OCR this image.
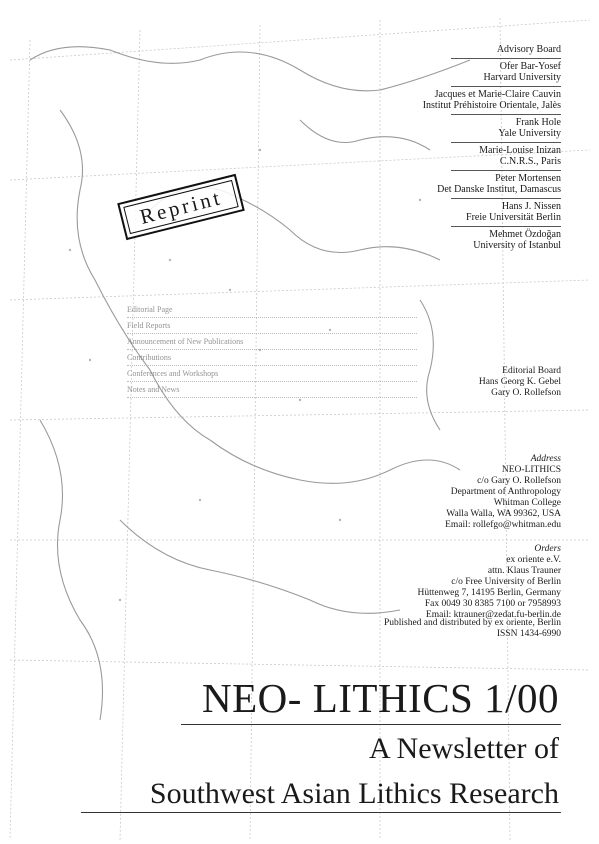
Advisory Board
Ofer Bar-Yosef
Harvard University
Jacques et Marie-Claire Cauvin
Institut Préhistoire Orientale, Jalès
Frank Hole
Yale University
Marie-Louise Inizan
C.N.R.S., Paris
Peter Mortensen
Det Danske Institut, Damascus
Hans J. Nissen
Freie Universität Berlin
Mehmet Özdoğan
University of Istanbul
Reprint
Editorial Page
Field Reports
Announcement of New Publications
Contributions
Conferences and Workshops
Notes and News
Editorial Board
Hans Georg K. Gebel
Gary O. Rollefson
Address
NEO-LITHICS
c/o Gary O. Rollefson
Department of Anthropology
Whitman College
Walla Walla, WA 99362, USA
Email: rollefgo@whitman.edu
Orders
ex oriente e.V.
attn. Klaus Trauner
c/o Free University of Berlin
Hüttenweg 7, 14195 Berlin, Germany
Fax 0049 30 8385 7100 or 7958993
Email: ktrauner@zedat.fu-berlin.de
Published and distributed by ex oriente, Berlin
ISSN 1434-6990
NEO- LITHICS 1/00
A Newsletter of
Southwest Asian Lithics Research
